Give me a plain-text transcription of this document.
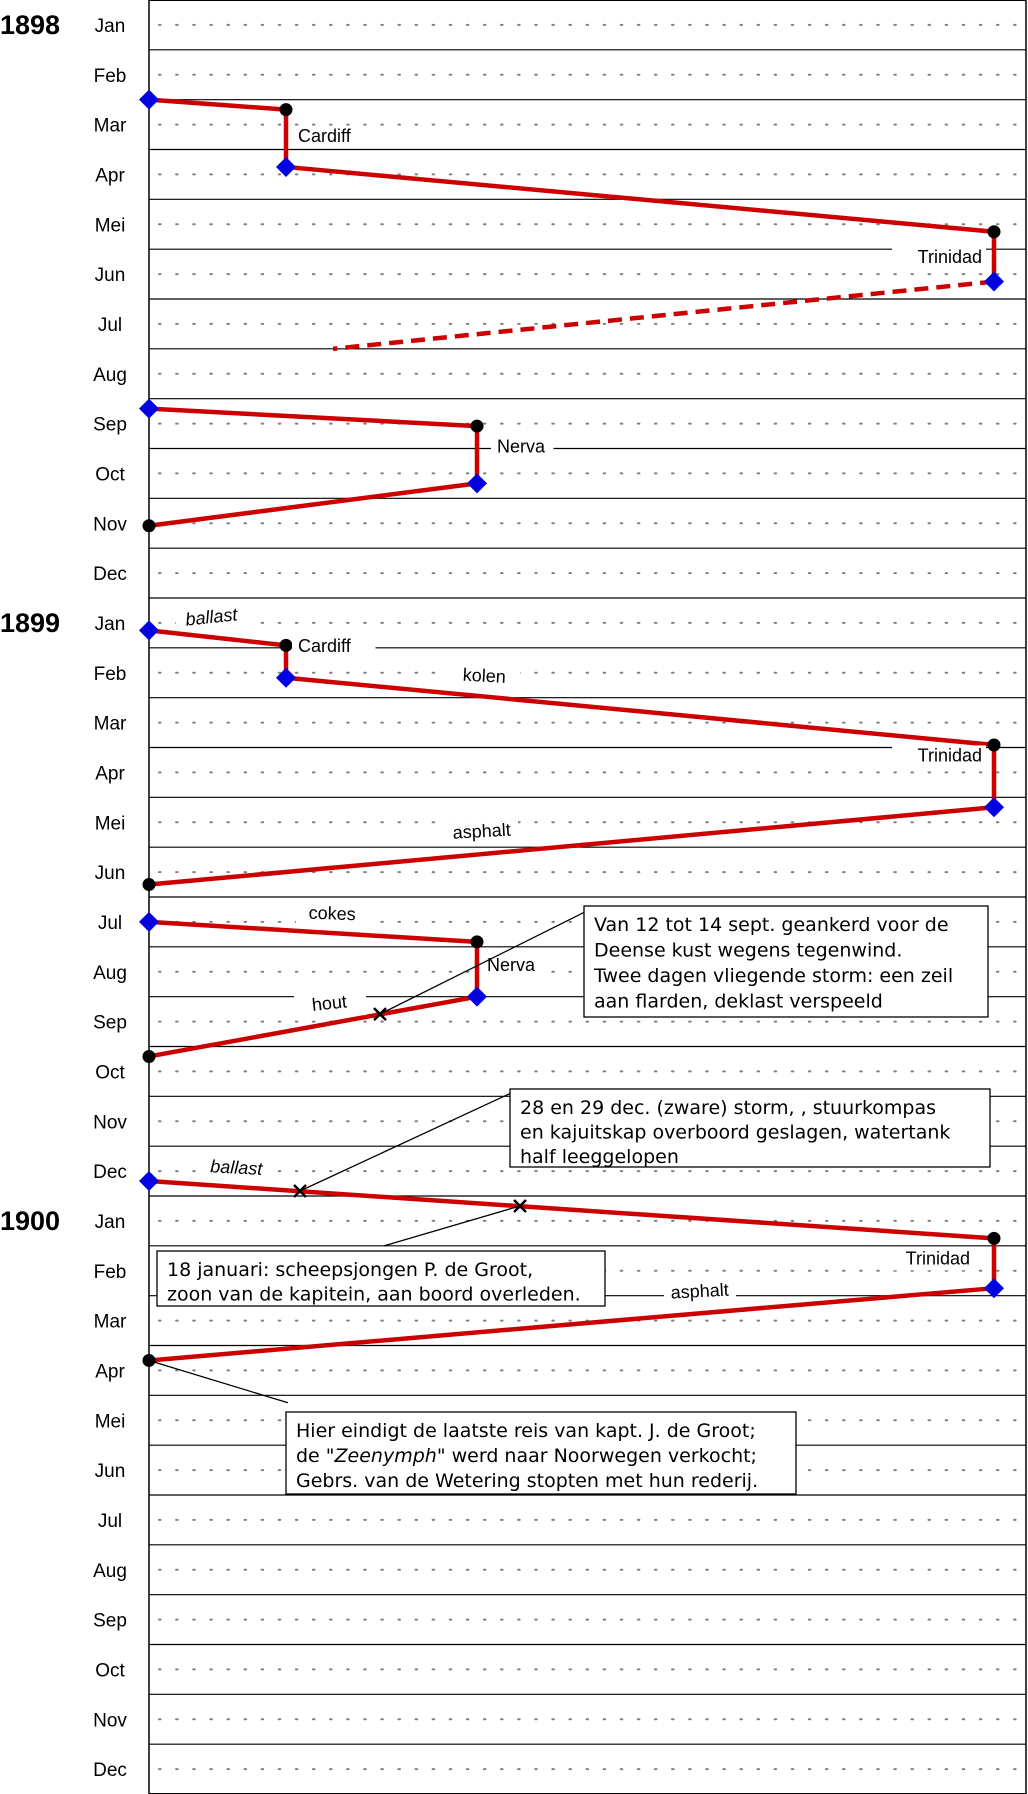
1898 Jan
Feb
Mar
Apr
Mei
Jun
Jul
Aug
Sep
Oct
Nov
Dec
1899 Jan
Feb
Mar
Apr
Mei
Jun
Jul
Aug
Sep
Oct
Nov
Dec
1900 Jan
Feb
Mar
Apr
Mei
Jun
Jul
Aug
Sep
Oct
Nov
Dec
Cardiff
Trinidad
Nerva
Cardiff
Trinidad
Nerva
Trinidad
ballast
kolen
asphalt
cokes
hout
ballast
asphalt
Van 12 tot 14 sept. geankerd voor de
Deense kust wegens tegenwind.
Twee dagen vliegende storm: een zeil
aan flarden, deklast verspeeld
28 en 29 dec. (zware) storm, , stuurkompas
en kajuitskap overboord geslagen, watertank
half leeggelopen
18 januari: scheepsjongen P. de Groot,
zoon van de kapitein, aan boord overleden.
Hier eindigt de laatste reis van kapt. J. de Groot;
de "Zeenymph" werd naar Noorwegen verkocht;
Gebrs. van de Wetering stopten met hun rederij.
